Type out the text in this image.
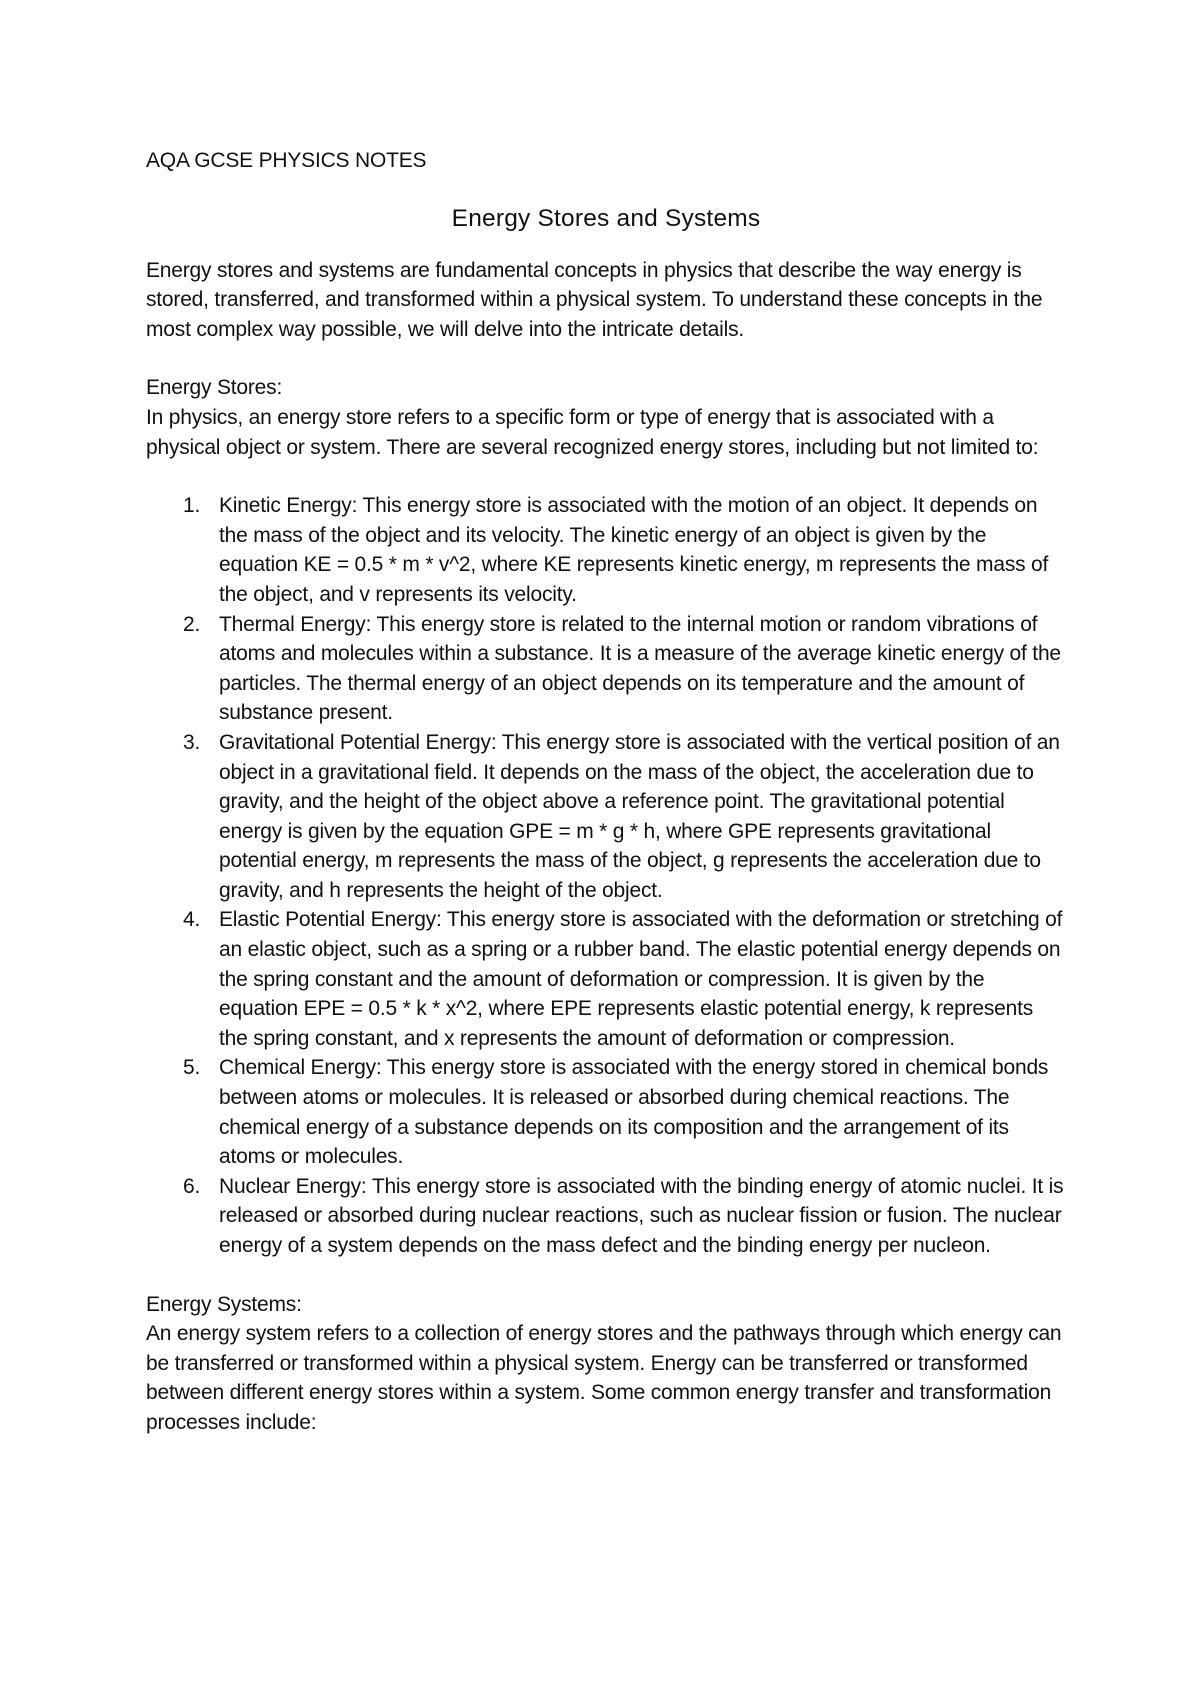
AQA GCSE PHYSICS NOTES

Energy Stores and Systems

Energy stores and systems are fundamental concepts in physics that describe the way energy is stored, transferred, and transformed within a physical system. To understand these concepts in the most complex way possible, we will delve into the intricate details.

Energy Stores:

In physics, an energy store refers to a specific form or type of energy that is associated with a physical object or system. There are several recognized energy stores, including but not limited to:

1. Kinetic Energy: This energy store is associated with the motion of an object. It depends on the mass of the object and its velocity. The kinetic energy of an object is given by the equation KE = 0.5 * m * v^2, where KE represents kinetic energy, m represents the mass of the object, and v represents its velocity.
2. Thermal Energy: This energy store is related to the internal motion or random vibrations of atoms and molecules within a substance. It is a measure of the average kinetic energy of the particles. The thermal energy of an object depends on its temperature and the amount of substance present.
3. Gravitational Potential Energy: This energy store is associated with the vertical position of an object in a gravitational field. It depends on the mass of the object, the acceleration due to gravity, and the height of the object above a reference point. The gravitational potential energy is given by the equation GPE = m * g * h, where GPE represents gravitational potential energy, m represents the mass of the object, g represents the acceleration due to gravity, and h represents the height of the object.
4. Elastic Potential Energy: This energy store is associated with the deformation or stretching of an elastic object, such as a spring or a rubber band. The elastic potential energy depends on the spring constant and the amount of deformation or compression. It is given by the equation EPE = 0.5 * k * x^2, where EPE represents elastic potential energy, k represents the spring constant, and x represents the amount of deformation or compression.
5. Chemical Energy: This energy store is associated with the energy stored in chemical bonds between atoms or molecules. It is released or absorbed during chemical reactions. The chemical energy of a substance depends on its composition and the arrangement of its atoms or molecules.
6. Nuclear Energy: This energy store is associated with the binding energy of atomic nuclei. It is released or absorbed during nuclear reactions, such as nuclear fission or fusion. The nuclear energy of a system depends on the mass defect and the binding energy per nucleon.

Energy Systems:

An energy system refers to a collection of energy stores and the pathways through which energy can be transferred or transformed within a physical system. Energy can be transferred or transformed between different energy stores within a system. Some common energy transfer and transformation processes include:
